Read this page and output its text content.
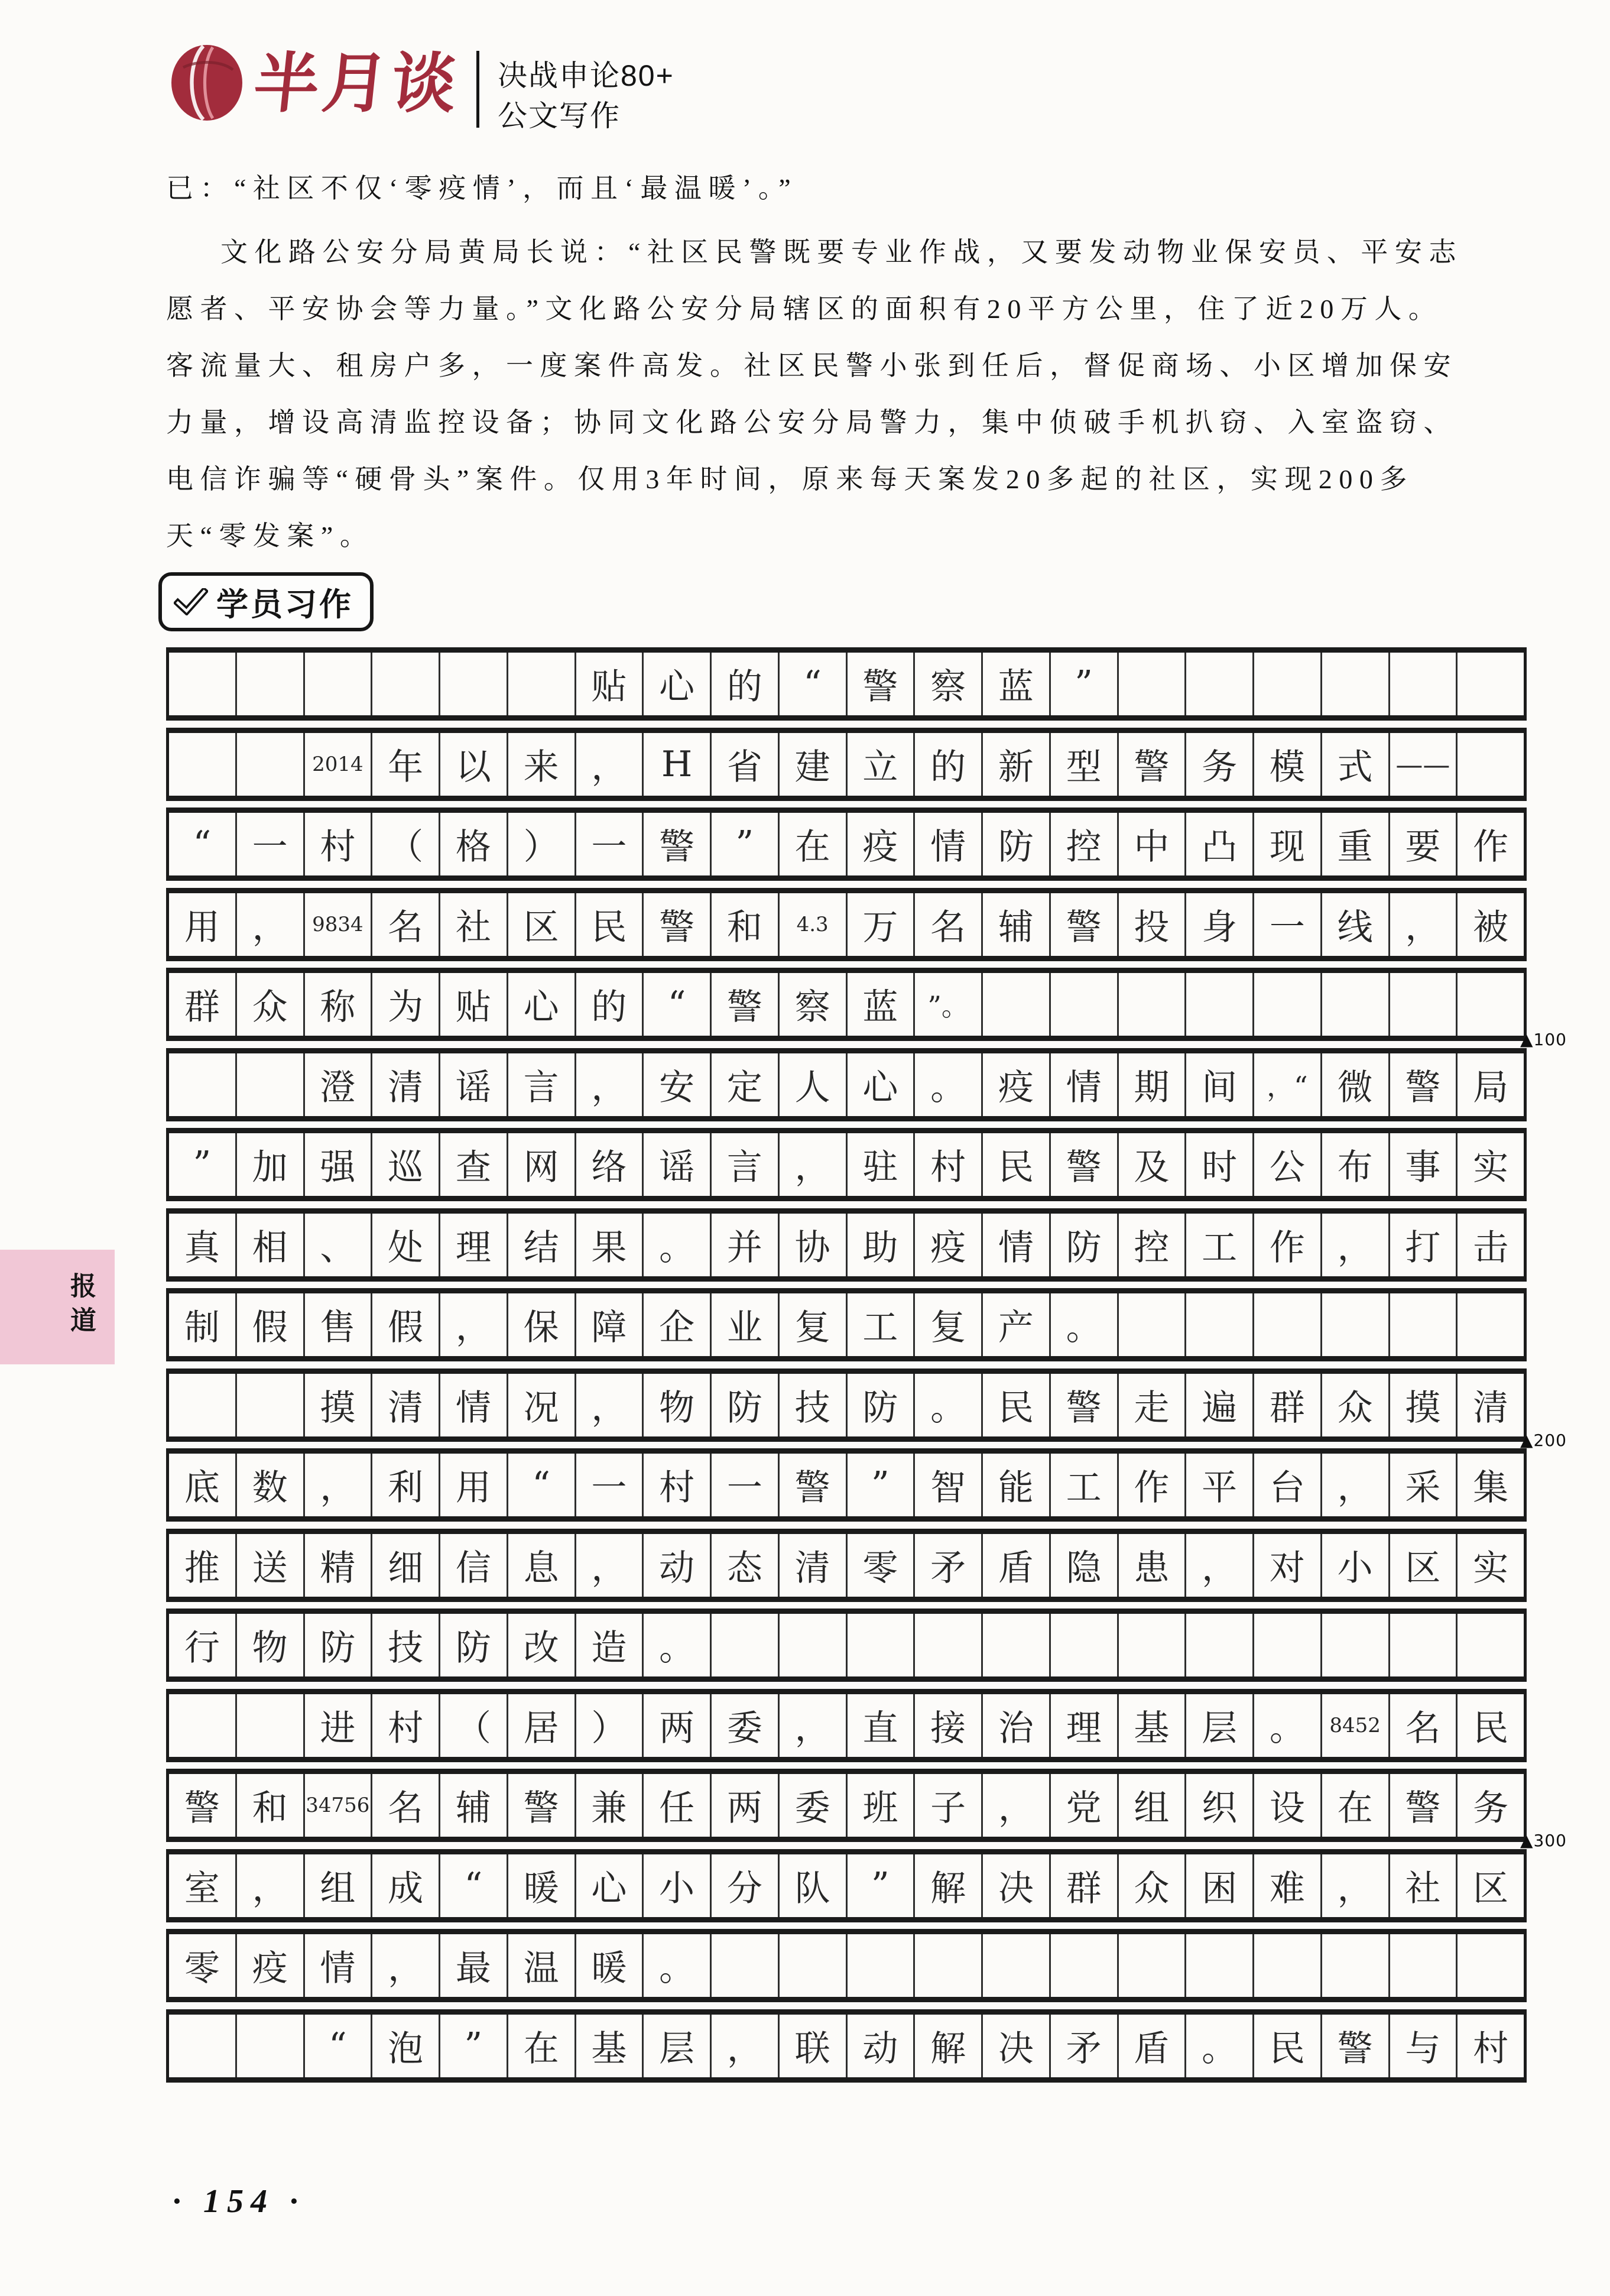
半月谈 决战申论80+
公文写作
已：“社区不仅‘零疫情’，而且‘最温暖’。”
文化路公安分局黄局长说：“社区民警既要专业作战，又要发动物业保安员、平安志
愿者、平安协会等力量。”文化路公安分局辖区的面积有20平方公里，住了近20万人。
客流量大、租房户多，一度案件高发。社区民警小张到任后，督促商场、小区增加保安
力量，增设高清监控设备；协同文化路公安分局警力，集中侦破手机扒窃、入室盗窃、
电信诈骗等“硬骨头”案件。仅用3年时间，原来每天案发20多起的社区，实现200多
天“零发案”。
学员习作
贴 心 的	“	警 察 蓝	”
2014 年 以 来 ， H 省 建 立 的 新 型 警 务 模 式 ——
“	一 村 （ 格 ） 一 警	”	在 疫 情 防 控 中 凸 现 重 要 作
用 ，	9834 名 社 区 民 警 和	4.3 万 名 辅 警 投 身 一 线 ， 被
群 众 称 为 贴 心 的	“	警 察 蓝	”。
澄 清 谣 言 ， 安 定 人 心 。 疫 情 期 间	，“ 微 警 局
”	加 强 巡 查 网 络 谣 言 ， 驻 村 民 警 及 时 公 布 事 实
真 相 、 处 理 结 果 。 并 协 助 疫 情 防 控 工 作 ， 打 击
制 假 售 假 ， 保 障 企 业 复 工 复 产 。
摸 清 情 况 ， 物 防 技 防 。 民 警 走 遍 群 众 摸 清
底 数 ， 利 用	“	一 村 一 警	”	智 能 工 作 平 台 ， 采 集
推 送 精 细 信 息 ， 动 态 清 零 矛 盾 隐 患 ， 对 小 区 实
行 物 防 技 防 改 造 。
进 村 （ 居 ） 两 委 ， 直 接 治 理 基 层 。	8452 名 民
警 和 34756 名 辅 警 兼 任 两 委 班 子 ， 党 组 织 设 在 警 务
室 ， 组 成	“	暖 心 小 分 队	”	解 决 群 众 困 难 ， 社 区
零 疫 情 ， 最 温 暖 。
“	泡	”	在 基 层 ， 联 动 解 决 矛 盾 。 民 警 与 村
▲100
▲200
▲300
报道
· 154 ·
